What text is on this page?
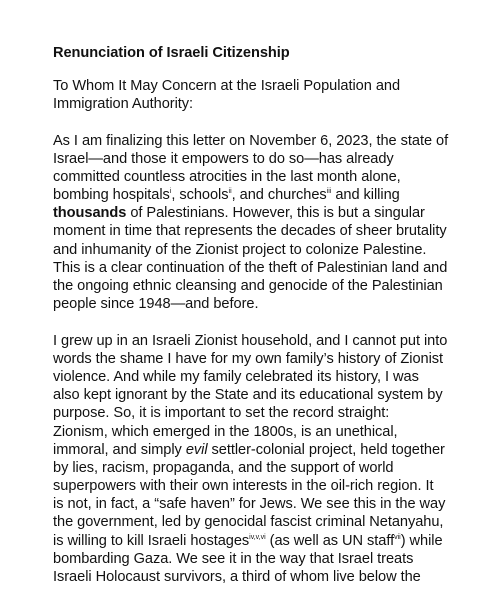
Renunciation of Israeli Citizenship
To Whom It May Concern at the Israeli Population and
Immigration Authority:
As I am finalizing this letter on November 6, 2023, the state of
Israel—and those it empowers to do so—has already
committed countless atrocities in the last month alone,
bombing hospitals$^i$, schools$^{ii}$, and churches$^{iii}$ and killing
thousands of Palestinians. However, this is but a singular
moment in time that represents the decades of sheer brutality
and inhumanity of the Zionist project to colonize Palestine.
This is a clear continuation of the theft of Palestinian land and
the ongoing ethnic cleansing and genocide of the Palestinian
people since 1948—and before.
I grew up in an Israeli Zionist household, and I cannot put into
words the shame I have for my own family’s history of Zionist
violence. And while my family celebrated its history, I was
also kept ignorant by the State and its educational system by
purpose. So, it is important to set the record straight:
Zionism, which emerged in the 1800s, is an unethical,
immoral, and simply evil settler-colonial project, held together
by lies, racism, propaganda, and the support of world
superpowers with their own interests in the oil-rich region. It
is not, in fact, a “safe haven” for Jews. We see this in the way
the government, led by genocidal fascist criminal Netanyahu,
is willing to kill Israeli hostages$^{iv,v,vi}$ (as well as UN staff$^{vii}$) while
bombarding Gaza. We see it in the way that Israel treats
Israeli Holocaust survivors, a third of whom live below the
